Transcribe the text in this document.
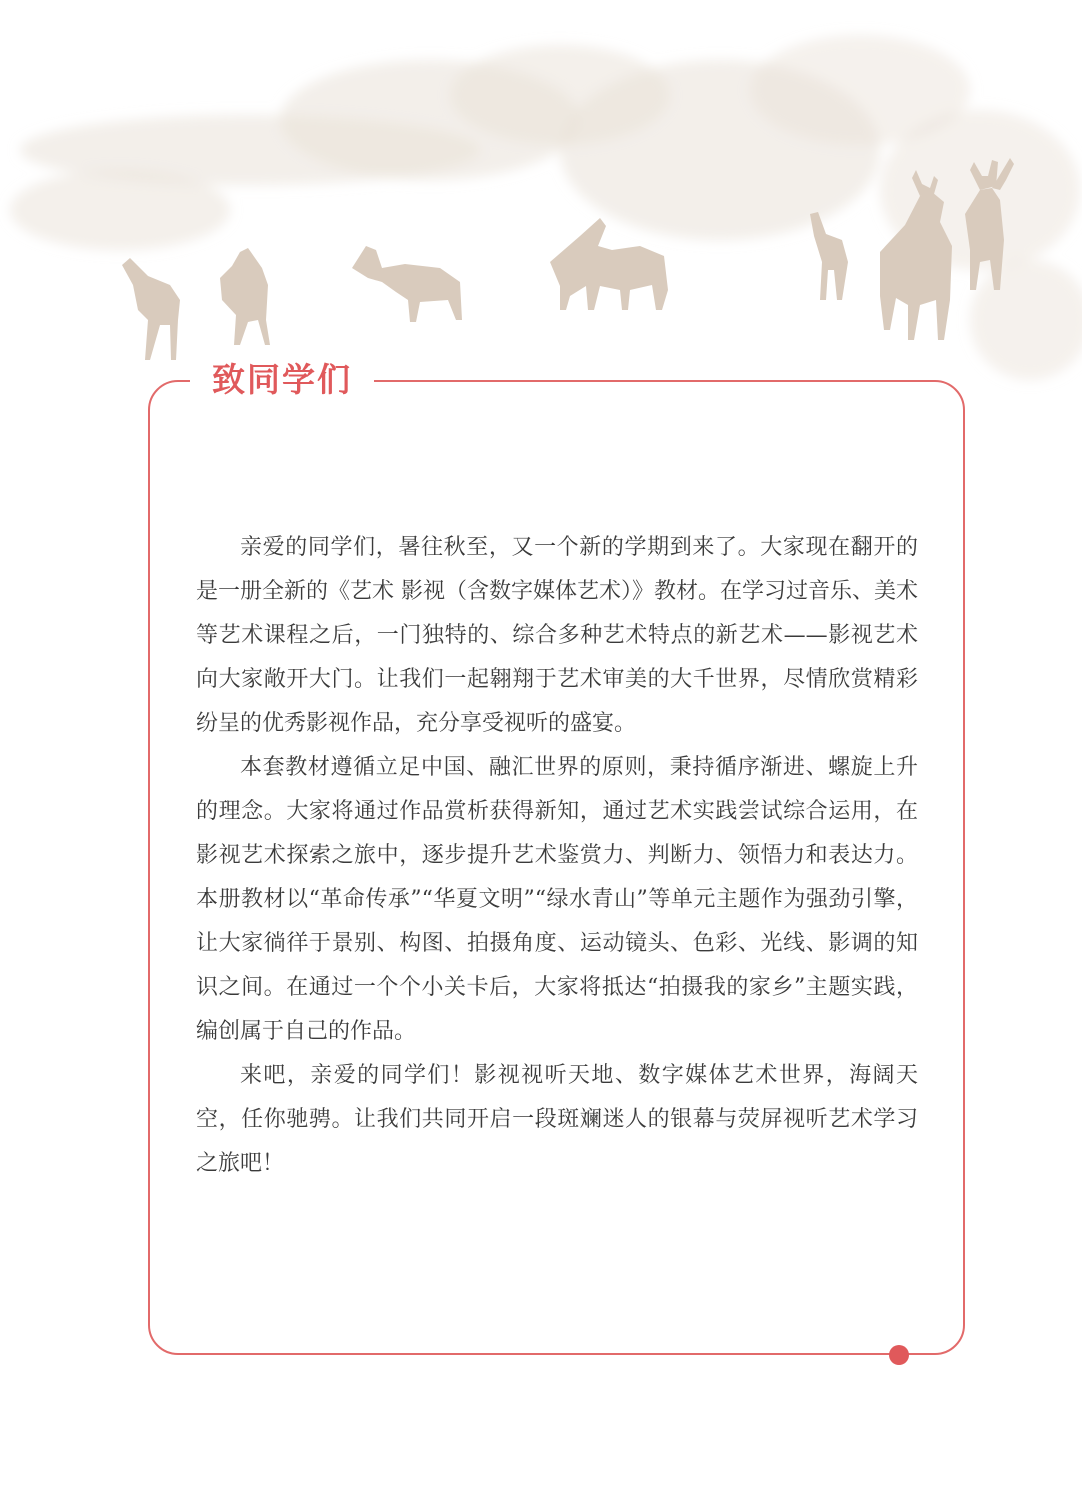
致同学们

亲爱的同学们，暑往秋至，又一个新的学期到来了。大家现在翻开的是一册全新的《艺术 影视（含数字媒体艺术）》教材。在学习过音乐、美术等艺术课程之后，一门独特的、综合多种艺术特点的新艺术——影视艺术向大家敞开大门。让我们一起翱翔于艺术审美的大千世界，尽情欣赏精彩纷呈的优秀影视作品，充分享受视听的盛宴。

本套教材遵循立足中国、融汇世界的原则，秉持循序渐进、螺旋上升的理念。大家将通过作品赏析获得新知，通过艺术实践尝试综合运用，在影视艺术探索之旅中，逐步提升艺术鉴赏力、判断力、领悟力和表达力。本册教材以“革命传承”“华夏文明”“绿水青山”等单元主题作为强劲引擎，让大家徜徉于景别、构图、拍摄角度、运动镜头、色彩、光线、影调的知识之间。在通过一个个小关卡后，大家将抵达“拍摄我的家乡”主题实践，编创属于自己的作品。

来吧，亲爱的同学们！影视视听天地、数字媒体艺术世界，海阔天空，任你驰骋。让我们共同开启一段斑斓迷人的银幕与荧屏视听艺术学习之旅吧！
